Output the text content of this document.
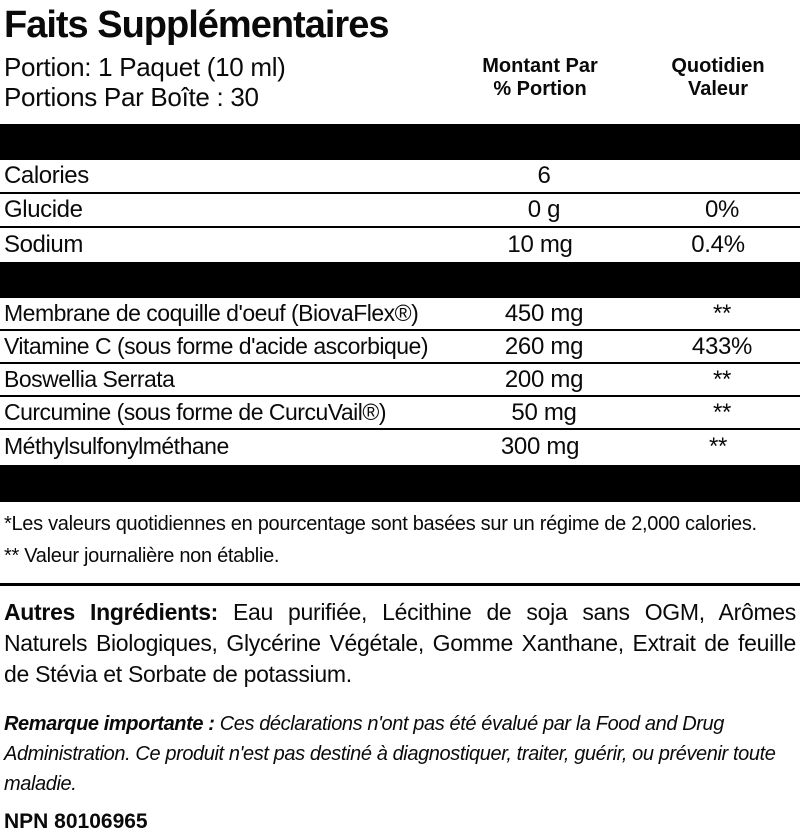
Faits Supplémentaires
Portion: 1 Paquet (10 ml)
Portions Par Boîte : 30
Montant Par
% Portion
Quotidien
Valeur
Calories	6
Glucide	0 g	0%
Sodium	10 mg	0.4%
Membrane de coquille d'oeuf (BiovaFlex®)	450 mg	**
Vitamine C (sous forme d'acide ascorbique)	260 mg	433%
Boswellia Serrata	200 mg	**
Curcumine (sous forme de CurcuVail®)	50 mg	**
Méthylsulfonylméthane	300 mg	**
*Les valeurs quotidiennes en pourcentage sont basées sur un régime de 2,000 calories.
** Valeur journalière non établie.

Autres Ingrédients: Eau purifiée, Lécithine de soja sans OGM, Arômes Naturels Biologiques, Glycérine Végétale, Gomme Xanthane, Extrait de feuille de Stévia et Sorbate de potassium.

Remarque importante : Ces déclarations n'ont pas été évalué par la Food and Drug Administration. Ce produit n'est pas destiné à diagnostiquer, traiter, guérir, ou prévenir toute maladie.

NPN 80106965
